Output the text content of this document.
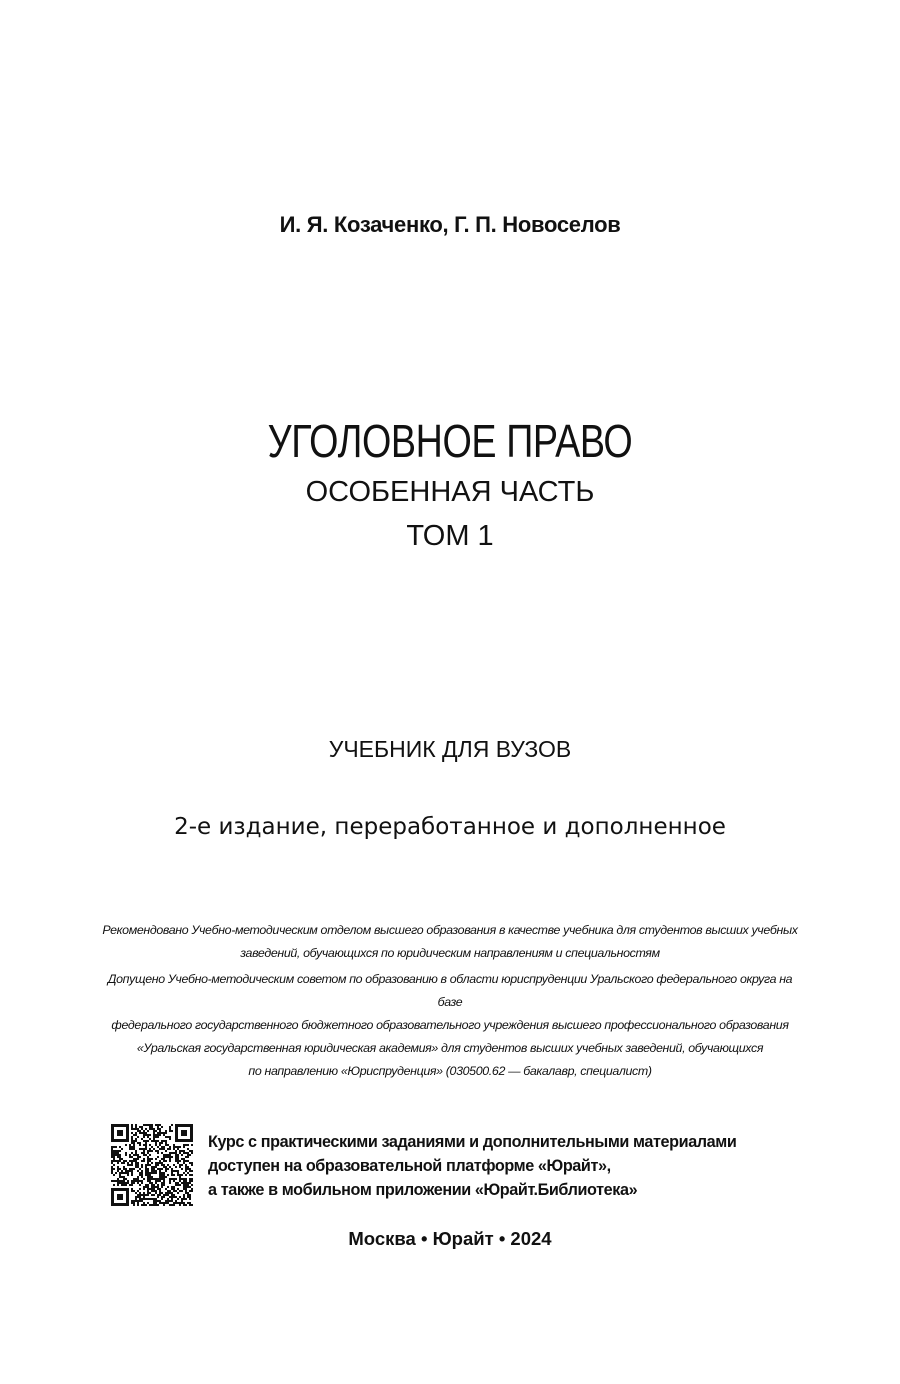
И. Я. Козаченко, Г. П. Новоселов
УГОЛОВНОЕ ПРАВО
ОСОБЕННАЯ ЧАСТЬ
ТОМ 1
УЧЕБНИК ДЛЯ ВУЗОВ
2-е издание, переработанное и дополненное
Рекомендовано Учебно-методическим отделом высшего образования в качестве учебника для студентов высших учебных
заведений, обучающихся по юридическим направлениям и специальностям
Допущено Учебно-методическим советом по образованию в области юриспруденции Уральского федерального округа на базе
федерального государственного бюджетного образовательного учреждения высшего профессионального образования
«Уральская государственная юридическая академия» для студентов высших учебных заведений, обучающихся
по направлению «Юриспруденция» (030500.62 — бакалавр, специалист)
Курс с практическими заданиями и дополнительными материалами
доступен на образовательной платформе «Юрайт»,
а также в мобильном приложении «Юрайт.Библиотека»
Москва • Юрайт • 2024
